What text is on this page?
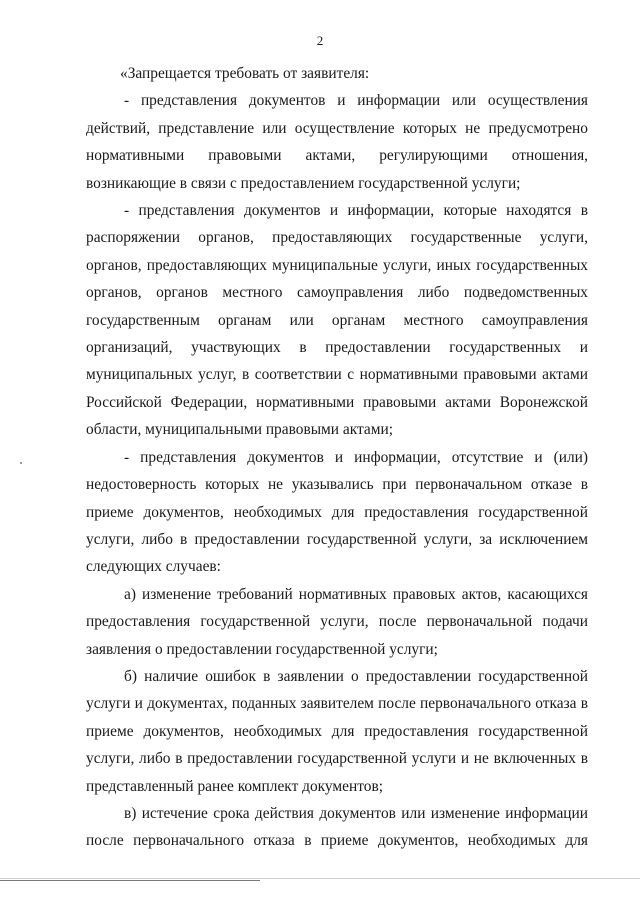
2

«Запрещается требовать от заявителя:

- представления документов и информации или осуществления действий, представление или осуществление которых не предусмотрено нормативными правовыми актами, регулирующими отношения, возникающие в связи с предоставлением государственной услуги;

- представления документов и информации, которые находятся в распоряжении органов, предоставляющих государственные услуги, органов, предоставляющих муниципальные услуги, иных государственных органов, органов местного самоуправления либо подведомственных государственным органам или органам местного самоуправления организаций, участвующих в предоставлении государственных и муниципальных услуг, в соответствии с нормативными правовыми актами Российской Федерации, нормативными правовыми актами Воронежской области, муниципальными правовыми актами;

- представления документов и информации, отсутствие и (или) недостоверность которых не указывались при первоначальном отказе в приеме документов, необходимых для предоставления государственной услуги, либо в предоставлении государственной услуги, за исключением следующих случаев:

а) изменение требований нормативных правовых актов, касающихся предоставления государственной услуги, после первоначальной подачи заявления о предоставлении государственной услуги;

б) наличие ошибок в заявлении о предоставлении государственной услуги и документах, поданных заявителем после первоначального отказа в приеме документов, необходимых для предоставления государственной услуги, либо в предоставлении государственной услуги и не включенных в представленный ранее комплект документов;

в) истечение срока действия документов или изменение информации после первоначального отказа в приеме документов, необходимых для
